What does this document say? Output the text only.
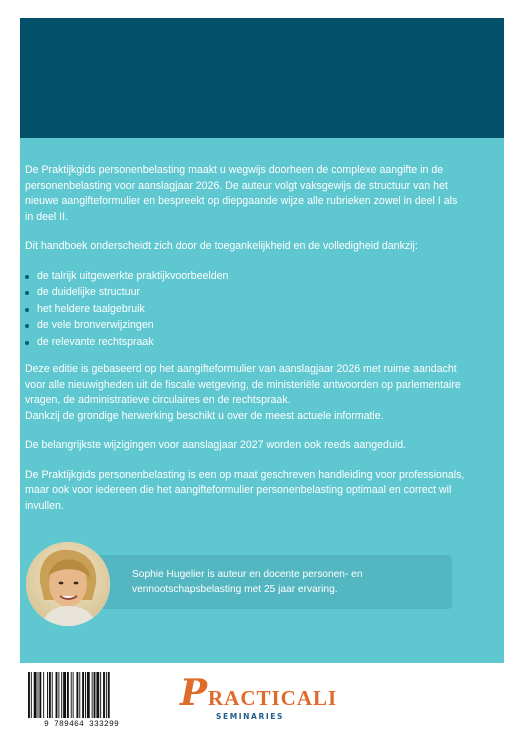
De Praktijkgids personenbelasting maakt u wegwijs doorheen de complexe aangifte in de personenbelasting voor aanslagjaar 2026. De auteur volgt vaksgewijs de structuur van het nieuwe aangifteformulier en bespreekt op diepgaande wijze alle rubrieken zowel in deel I als in deel II.

Dit handboek onderscheidt zich door de toegankelijkheid en de volledigheid dankzij:

de talrijk uitgewerkte praktijkvoorbeelden
de duidelijke structuur
het heldere taalgebruik
de vele bronverwijzingen
de relevante rechtspraak

Deze editie is gebaseerd op het aangifteformulier van aanslagjaar 2026 met ruime aandacht voor alle nieuwigheden uit de fiscale wetgeving, de ministeriële antwoorden op parlementaire vragen, de administratieve circulaires en de rechtspraak.
Dankzij de grondige herwerking beschikt u over de meest actuele informatie.

De belangrijkste wijzigingen voor aanslagjaar 2027 worden ook reeds aangeduid.

De Praktijkgids personenbelasting is een op maat geschreven handleiding voor professionals, maar ook voor iedereen die het aangifteformulier personenbelasting optimaal en correct wil invullen.

Sophie Hugelier is auteur en docente personen- en vennootschapsbelasting met 25 jaar ervaring.
9 789464 333299
P RACTICALI
SEMINARIES
